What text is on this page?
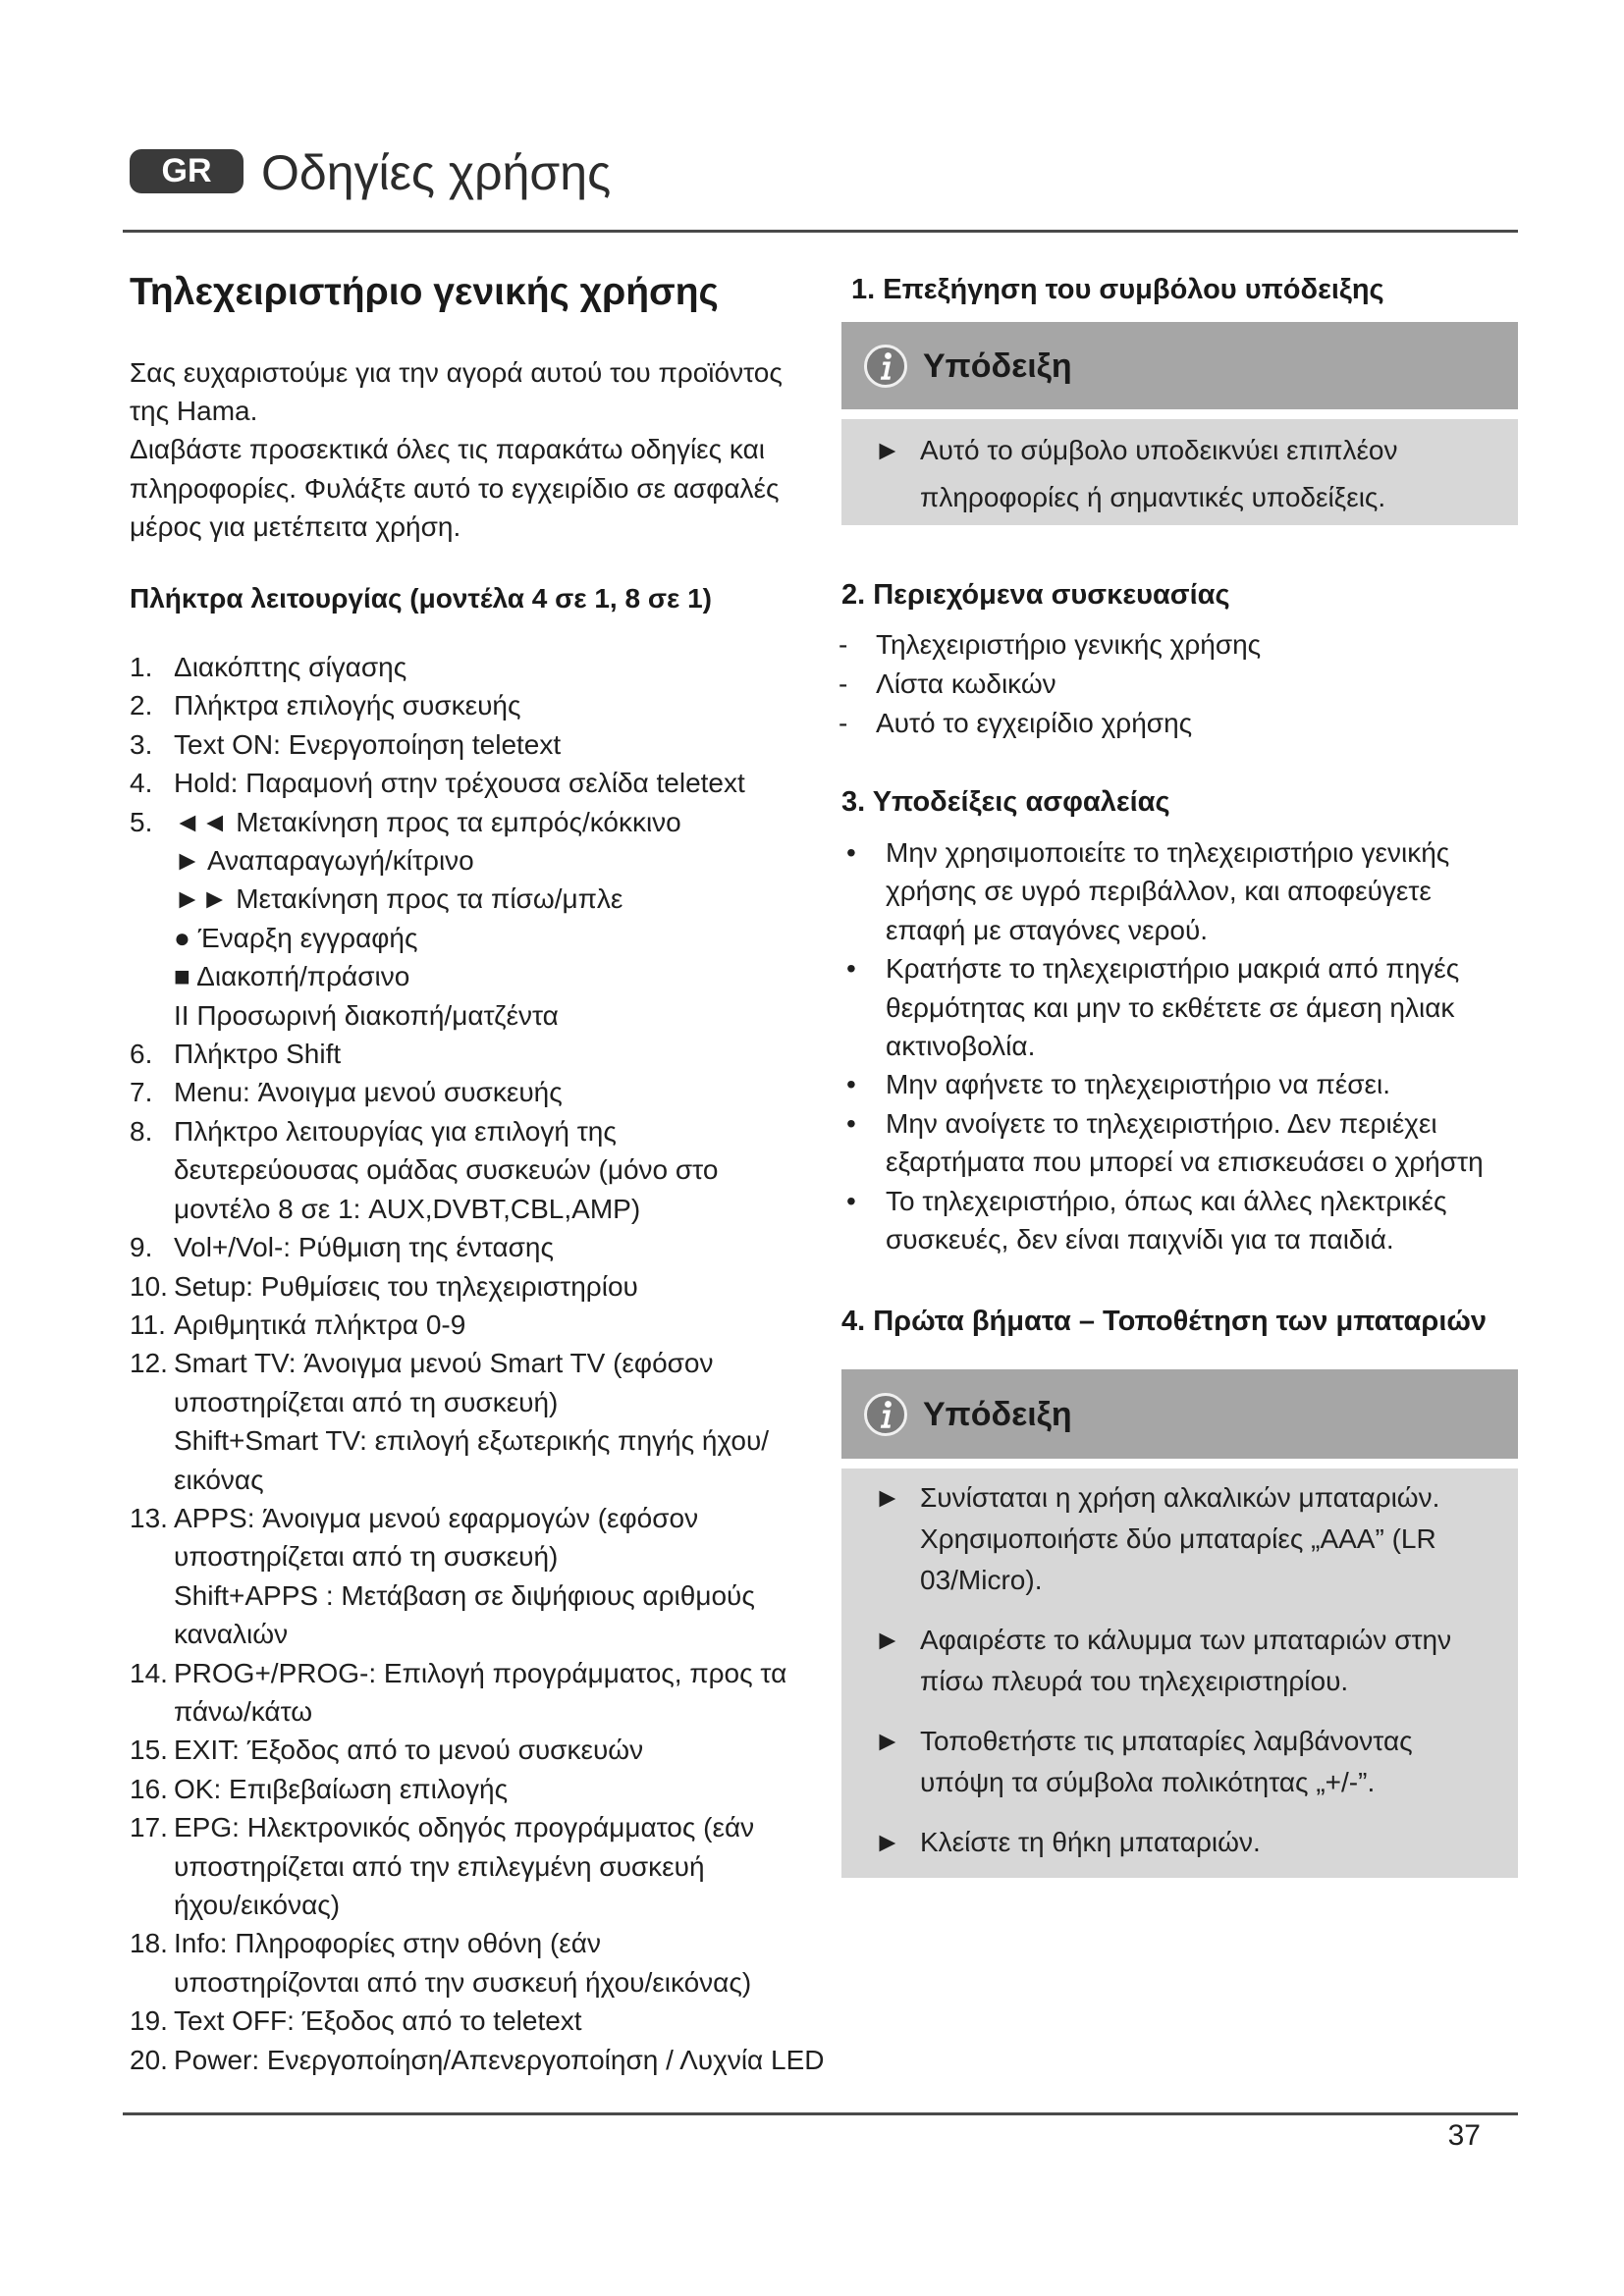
GR	Οδηγίες χρήσης
Τηλεχειριστήριο γενικής χρήσης

Σας ευχαριστούμε για την αγορά αυτού του προϊόντος
της Hama.

Διαβάστε προσεκτικά όλες τις παρακάτω οδηγίες και
πληροφορίες. Φυλάξτε αυτό το εγχειρίδιο σε ασφαλές
μέρος για μετέπειτα χρήση.

Πλήκτρα λειτουργίας (μοντέλα 4 σε 1, 8 σε 1)
1. Διακόπτης σίγασης
2. Πλήκτρα επιλογής συσκευής
3. Text ON: Ενεργοποίηση teletext
4. Hold: Παραμονή στην τρέχουσα σελίδα teletext
5. ◄◄ Μετακίνηση προς τα εμπρός/κόκκινο
► Αναπαραγωγή/κίτρινο
►► Μετακίνηση προς τα πίσω/μπλε
● Έναρξη εγγραφής
■ Διακοπή/πράσινο
II Προσωρινή διακοπή/ματζέντα
6. Πλήκτρο Shift
7. Menu: Άνοιγμα μενού συσκευής
8. Πλήκτρο λειτουργίας για επιλογή της
δευτερεύουσας ομάδας συσκευών (μόνο στο
μοντέλο 8 σε 1: AUX,DVBT,CBL,AMP)
9. Vol+/Vol-: Ρύθμιση της έντασης
10. Setup: Ρυθμίσεις του τηλεχειριστηρίου
11. Αριθμητικά πλήκτρα 0-9
12. Smart TV: Άνοιγμα μενού Smart TV (εφόσον
υποστηρίζεται από τη συσκευή)
Shift+Smart TV: επιλογή εξωτερικής πηγής ήχου/
εικόνας
13. APPS: Άνοιγμα μενού εφαρμογών (εφόσον
υποστηρίζεται από τη συσκευή)
Shift+APPS : Μετάβαση σε διψήφιους αριθμούς
καναλιών
14. PROG+/PROG-: Επιλογή προγράμματος, προς τα
πάνω/κάτω
15. EXIT: Έξοδος από το μενού συσκευών
16. OK: Επιβεβαίωση επιλογής
17. EPG: Ηλεκτρονικός οδηγός προγράμματος (εάν
υποστηρίζεται από την επιλεγμένη συσκευή
ήχου/εικόνας)
18. Info: Πληροφορίες στην οθόνη (εάν
υποστηρίζονται από την συσκευή ήχου/εικόνας)
19. Text OFF: Έξοδος από το teletext
20. Power: Ενεργοποίηση/Απενεργοποίηση / Λυχνία LED
1. Επεξήγηση του συμβόλου υπόδειξης
Υπόδειξη
► Αυτό το σύμβολο υποδεικνύει επιπλέον
πληροφορίες ή σημαντικές υποδείξεις.
2. Περιεχόμενα συσκευασίας
-	Τηλεχειριστήριο γενικής χρήσης
-	Λίστα κωδικών
-	Αυτό το εγχειρίδιο χρήσης
3. Υποδείξεις ασφαλείας
•	Μην χρησιμοποιείτε το τηλεχειριστήριο γενικής
χρήσης σε υγρό περιβάλλον, και αποφεύγετε
επαφή με σταγόνες νερού.
•	Κρατήστε το τηλεχειριστήριο μακριά από πηγές
θερμότητας και μην το εκθέτετε σε άμεση ηλιακ
ακτινοβολία.
•	Μην αφήνετε το τηλεχειριστήριο να πέσει.
•	Μην ανοίγετε το τηλεχειριστήριο. Δεν περιέχει
εξαρτήματα που μπορεί να επισκευάσει ο χρήστη
•	Το τηλεχειριστήριο, όπως και άλλες ηλεκτρικές
συσκευές, δεν είναι παιχνίδι για τα παιδιά.
4. Πρώτα βήματα – Τοποθέτηση των μπαταριών
Υπόδειξη
► Συνίσταται η χρήση αλκαλικών μπαταριών.
Χρησιμοποιήστε δύο μπαταρίες „AAA” (LR
03/Micro).
► Αφαιρέστε το κάλυμμα των μπαταριών στην
πίσω πλευρά του τηλεχειριστηρίου.
► Τοποθετήστε τις μπαταρίες λαμβάνοντας
υπόψη τα σύμβολα πολικότητας „+/-”.
► Κλείστε τη θήκη μπαταριών.
37
